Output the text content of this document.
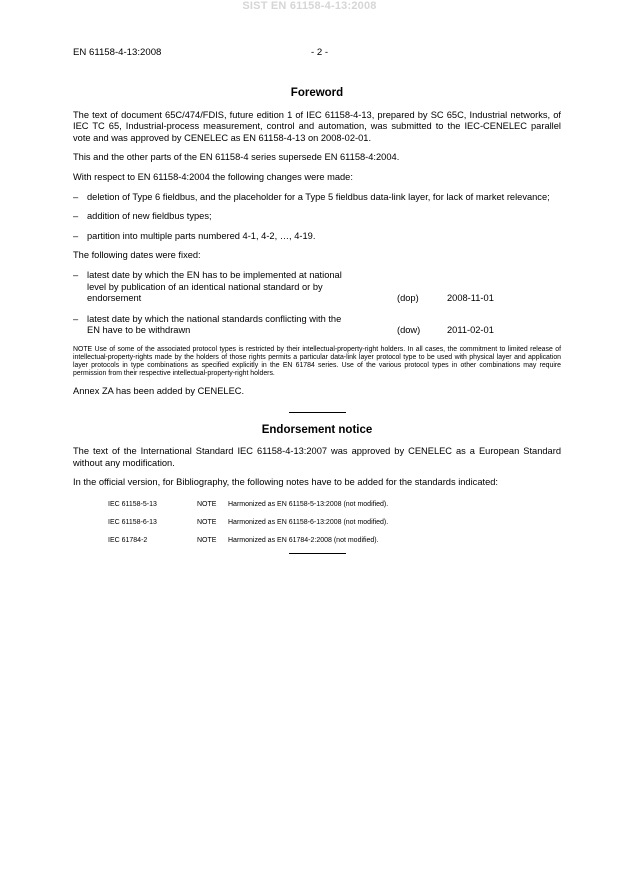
SIST EN 61158-4-13:2008
EN 61158-4-13:2008	- 2 -
Foreword

The text of document 65C/474/FDIS, future edition 1 of IEC 61158-4-13, prepared by SC 65C, Industrial networks, of IEC TC 65, Industrial-process measurement, control and automation, was submitted to the IEC-CENELEC parallel vote and was approved by CENELEC as EN 61158-4-13 on 2008-02-01.

This and the other parts of the EN 61158-4 series supersede EN 61158-4:2004.

With respect to EN 61158-4:2004 the following changes were made:

– deletion of Type 6 fieldbus, and the placeholder for a Type 5 fieldbus data-link layer, for lack of market relevance;
– addition of new fieldbus types;
– partition into multiple parts numbered 4-1, 4-2, …, 4-19.

The following dates were fixed:

– latest date by which the EN has to be implemented at national level by publication of an identical national standard or by endorsement	(dop)	2008-11-01
– latest date by which the national standards conflicting with the EN have to be withdrawn	(dow)	2011-02-01

NOTE Use of some of the associated protocol types is restricted by their intellectual-property-right holders. In all cases, the commitment to limited release of intellectual-property-rights made by the holders of those rights permits a particular data-link layer protocol type to be used with physical layer and application layer protocols in type combinations as specified explicitly in the EN 61784 series. Use of the various protocol types in other combinations may require permission from their respective intellectual-property-right holders.

Annex ZA has been added by CENELEC.

Endorsement notice

The text of the International Standard IEC 61158-4-13:2007 was approved by CENELEC as a European Standard without any modification.

In the official version, for Bibliography, the following notes have to be added for the standards indicated:

IEC 61158-5-13	NOTE Harmonized as EN 61158-5-13:2008 (not modified).
IEC 61158-6-13	NOTE Harmonized as EN 61158-6-13:2008 (not modified).
IEC 61784-2	NOTE Harmonized as EN 61784-2:2008 (not modified).
